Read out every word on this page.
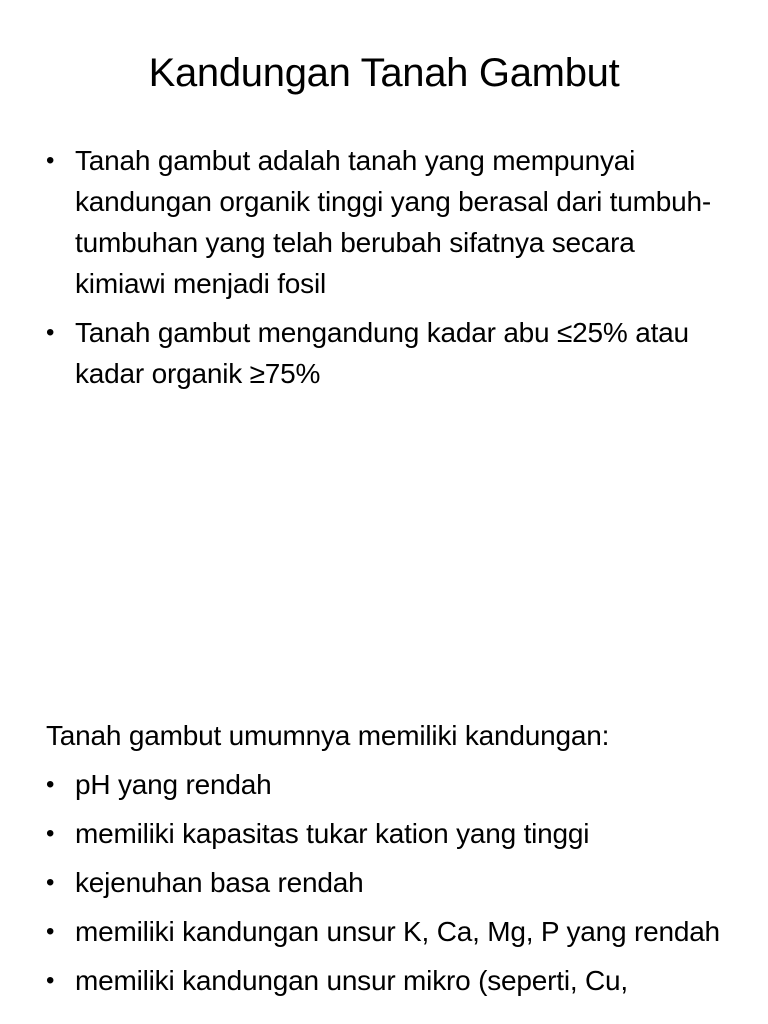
Kandungan Tanah Gambut
• Tanah gambut adalah tanah yang mempunyai kandungan organik tinggi yang berasal dari tumbuh-tumbuhan yang telah berubah sifatnya secara kimiawi menjadi fosil
• Tanah gambut mengandung kadar abu ≤25% atau kadar organik ≥75%
Tanah gambut umumnya memiliki kandungan:
• pH yang rendah
• memiliki kapasitas tukar kation yang tinggi
• kejenuhan basa rendah
• memiliki kandungan unsur K, Ca, Mg, P yang rendah
• memiliki kandungan unsur mikro (seperti, Cu,
